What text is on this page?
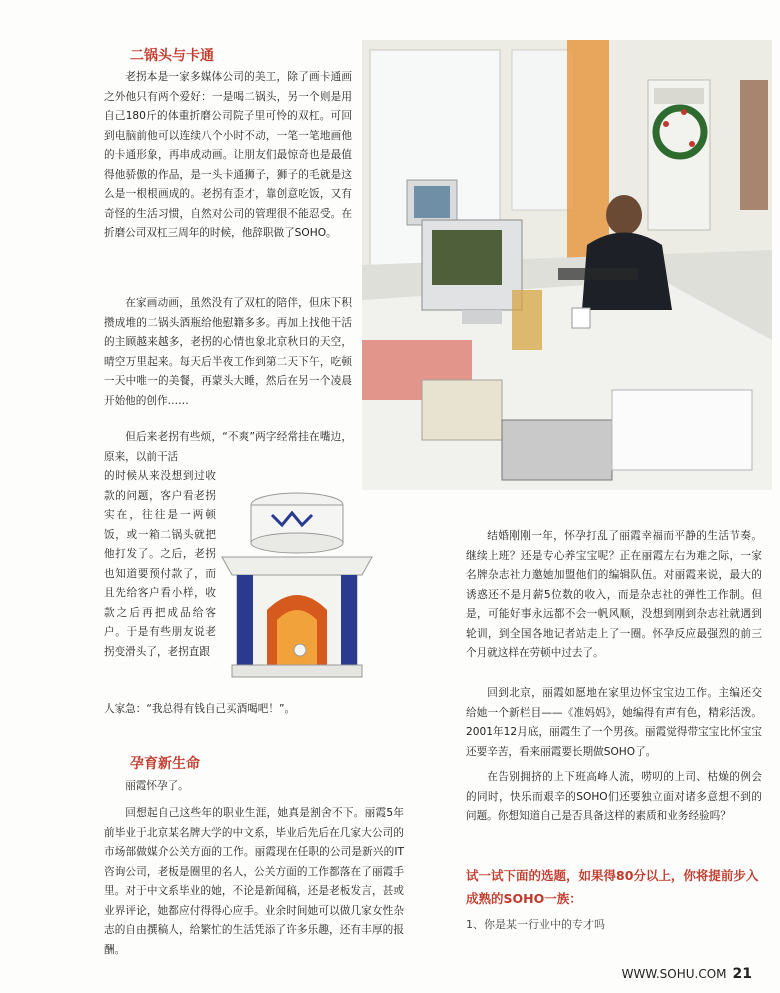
二锅头与卡通

老拐本是一家多媒体公司的美工，除了画卡通画之外他只有两个爱好：一是喝二锅头，另一个则是用自己180斤的体重折磨公司院子里可怜的双杠。可回到电脑前他可以连续八个小时不动，一笔一笔地画他的卡通形象，再串成动画。让朋友们最惊奇也是最值得他骄傲的作品，是一头卡通狮子，狮子的毛就是这么是一根根画成的。老拐有歪才，靠创意吃饭，又有奇怪的生活习惯，自然对公司的管理很不能忍受。在折磨公司双杠三周年的时候，他辞职做了SOHO。

在家画动画，虽然没有了双杠的陪伴，但床下积攒成堆的二锅头酒瓶给他慰籍多多。再加上找他干活的主顾越来越多，老拐的心情也象北京秋日的天空，晴空万里起来。每天后半夜工作到第二天下午，吃顿一天中唯一的美餐，再蒙头大睡，然后在另一个凌晨开始他的创作……

但后来老拐有些烦，“不爽”两字经常挂在嘴边，原来，以前干活

的时候从来没想到过收款的问题，客户看老拐实在，往往是一两顿饭，或一箱二锅头就把他打发了。之后，老拐也知道要预付款了，而且先给客户看小样，收款之后再把成品给客户。于是有些朋友说老拐变滑头了，老拐直跟

人家急：“我总得有钱自己买酒喝吧！”。

孕育新生命

丽霞怀孕了。

回想起自己这些年的职业生涯，她真是割舍不下。丽霞5年前毕业于北京某名牌大学的中文系，毕业后先后在几家大公司的市场部做媒介公关方面的工作。丽霞现在任职的公司是新兴的IT咨询公司，老板是圈里的名人，公关方面的工作都落在了丽霞手里。对于中文系毕业的她，不论是新闻稿，还是老板发言，甚或业界评论，她都应付得得心应手。业余时间她可以做几家女性杂志的自由撰稿人，给繁忙的生活凭添了许多乐趣，还有丰厚的报酬。

结婚刚刚一年，怀孕打乱了丽霞幸福而平静的生活节奏。继续上班？还是专心养宝宝呢？正在丽霞左右为难之际，一家名牌杂志社力邀她加盟他们的编辑队伍。对丽霞来说，最大的诱惑还不是月薪5位数的收入，而是杂志社的弹性工作制。但是，可能好事永远都不会一帆风顺，没想到刚到杂志社就遇到轮训，到全国各地记者站走上了一圈。怀孕反应最强烈的前三个月就这样在劳顿中过去了。

回到北京，丽霞如愿地在家里边怀宝宝边工作。主编还交给她一个新栏目——《准妈妈》，她编得有声有色，精彩活泼。2001年12月底，丽霞生了一个男孩。丽霞觉得带宝宝比怀宝宝还要辛苦，看来丽霞要长期做SOHO了。

在告别拥挤的上下班高峰人流，唠叨的上司、枯燥的例会的同时，快乐而艰辛的SOHO们还要独立面对诸多意想不到的问题。你想知道自己是否具备这样的素质和业务经验吗？

试一试下面的选题，如果得80分以上，你将提前步入成熟的SOHO一族：

1、你是某一行业中的专才吗

WWW.SOHU.COM 21
